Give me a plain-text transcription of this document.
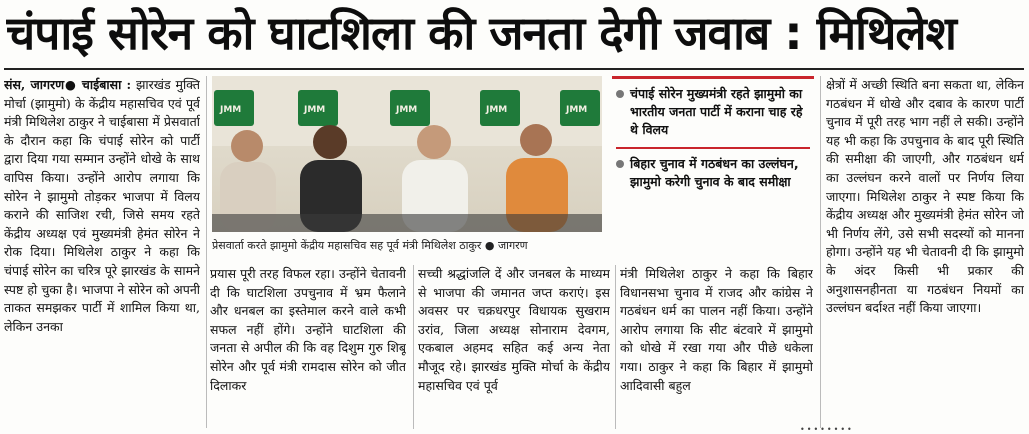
चंपाई सोरेन को घाटशिला की जनता देगी जवाब : मिथिलेश

संस, जागरण● चाईबासा : झारखंड मुक्ति मोर्चा (झामुमो) के केंद्रीय महासचिव एवं पूर्व मंत्री मिथिलेश ठाकुर ने चाईबासा में प्रेसवार्ता के दौरान कहा कि चंपाई सोरेन को पार्टी द्वारा दिया गया सम्मान उन्होंने धोखे के साथ वापिस किया। उन्होंने आरोप लगाया कि सोरेन ने झामुमो तोड़कर भाजपा में विलय कराने की साजिश रची, जिसे समय रहते केंद्रीय अध्यक्ष एवं मुख्यमंत्री हेमंत सोरेन ने रोक दिया। मिथिलेश ठाकुर ने कहा कि चंपाई सोरेन का चरित्र पूरे झारखंड के सामने स्पष्ट हो चुका है। भाजपा ने सोरेन को अपनी ताकत समझकर पार्टी में शामिल किया था, लेकिन उनका

JMM	JMM	JMM	JMM	JMM
प्रेसवार्ता करते झामुमो केंद्रीय महासचिव सह पूर्व मंत्री मिथिलेश ठाकुर ● जागरण
चंपाई सोरेन मुख्यमंत्री रहते झामुमो का भारतीय जनता पार्टी में कराना चाह रहे थे विलय
बिहार चुनाव में गठबंधन का उल्लंघन, झामुमो करेगी चुनाव के बाद समीक्षा

प्रयास पूरी तरह विफल रहा। उन्होंने चेतावनी दी कि घाटशिला उपचुनाव में भ्रम फैलाने और धनबल का इस्तेमाल करने वाले कभी सफल नहीं होंगे। उन्होंने घाटशिला की जनता से अपील की कि वह दिशुम गुरु शिबू सोरेन और पूर्व मंत्री रामदास सोरेन को जीत दिलाकर

सच्ची श्रद्धांजलि दें और जनबल के माध्यम से भाजपा की जमानत जप्त कराएं। इस अवसर पर चक्रधरपुर विधायक सुखराम उरांव, जिला अध्यक्ष सोनाराम देवगम, एकबाल अहमद सहित कई अन्य नेता मौजूद रहे। झारखंड मुक्ति मोर्चा के केंद्रीय महासचिव एवं पूर्व

मंत्री मिथिलेश ठाकुर ने कहा कि बिहार विधानसभा चुनाव में राजद और कांग्रेस ने गठबंधन धर्म का पालन नहीं किया। उन्होंने आरोप लगाया कि सीट बंटवारे में झामुमो को धोखे में रखा गया और पीछे धकेला गया। ठाकुर ने कहा कि बिहार में झामुमो आदिवासी बहुल

क्षेत्रों में अच्छी स्थिति बना सकता था, लेकिन गठबंधन में धोखे और दबाव के कारण पार्टी चुनाव में पूरी तरह भाग नहीं ले सकी। उन्होंने यह भी कहा कि उपचुनाव के बाद पूरी स्थिति की समीक्षा की जाएगी, और गठबंधन धर्म का उल्लंघन करने वालों पर निर्णय लिया जाएगा। मिथिलेश ठाकुर ने स्पष्ट किया कि केंद्रीय अध्यक्ष और मुख्यमंत्री हेमंत सोरेन जो भी निर्णय लेंगे, उसे सभी सदस्यों को मानना होगा। उन्होंने यह भी चेतावनी दी कि झामुमो के अंदर किसी भी प्रकार की अनुशासनहीनता या गठबंधन नियमों का उल्लंघन बर्दाश्त नहीं किया जाएगा।

••••••••
